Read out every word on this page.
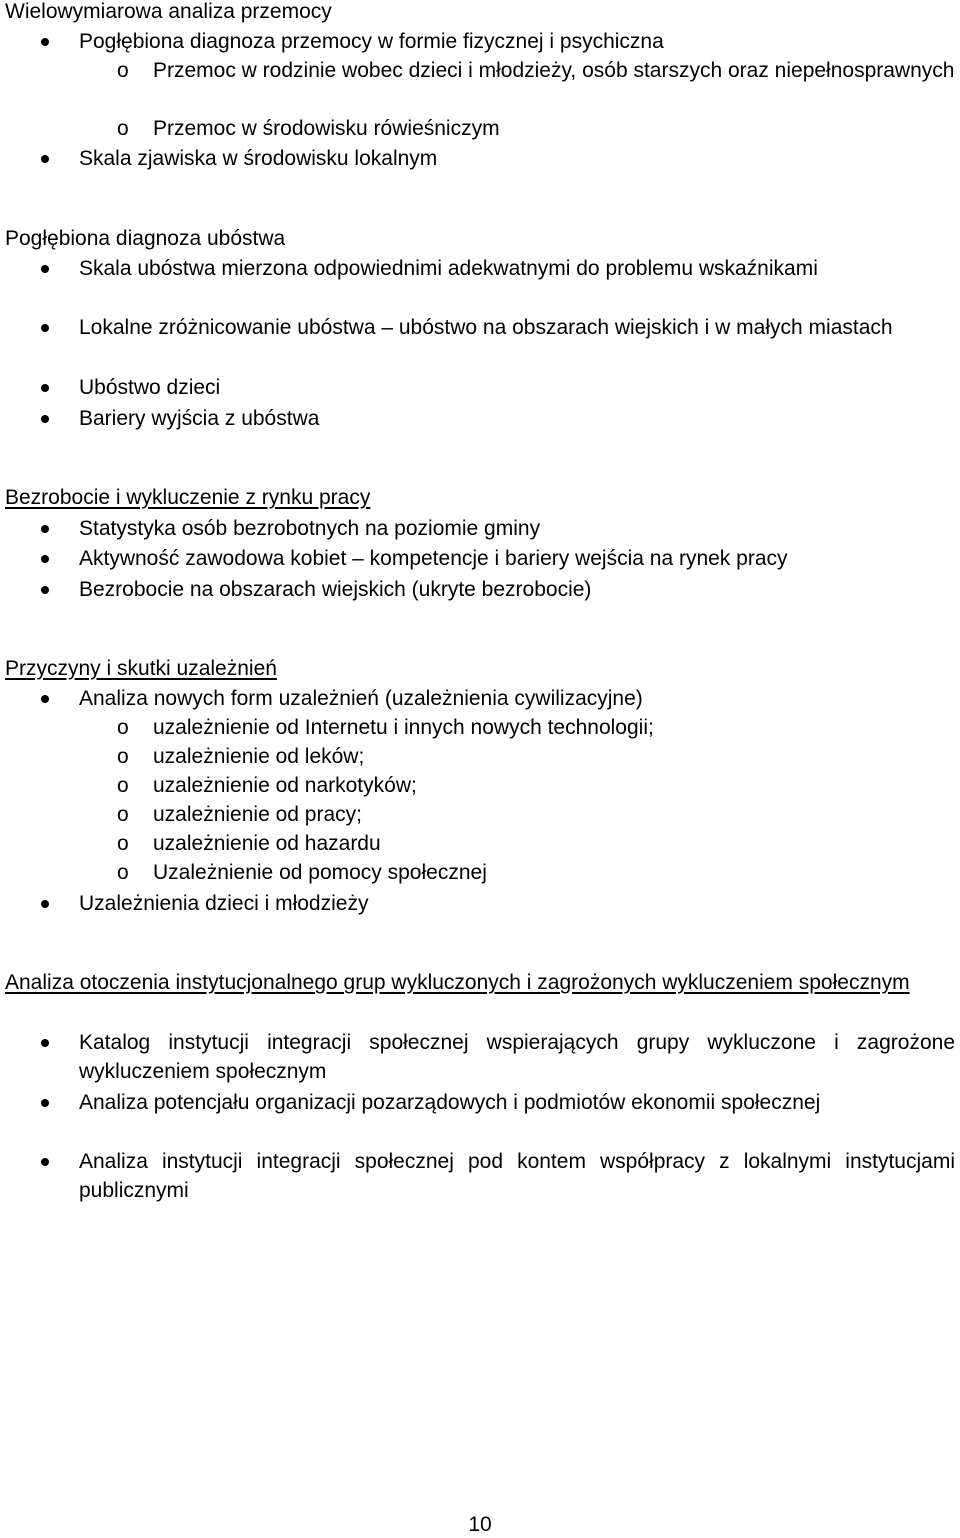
Wielowymiarowa analiza przemocy
Pogłębiona diagnoza przemocy w formie fizycznej i psychiczna
o Przemoc w rodzinie wobec dzieci i młodzieży, osób starszych oraz niepełnosprawnych
o Przemoc w środowisku rówieśniczym
Skala zjawiska w środowisku lokalnym
Pogłębiona diagnoza ubóstwa
Skala ubóstwa mierzona odpowiednimi adekwatnymi do problemu wskaźnikami
Lokalne zróżnicowanie ubóstwa – ubóstwo na obszarach wiejskich i w małych miastach
Ubóstwo dzieci
Bariery wyjścia z ubóstwa
Bezrobocie i wykluczenie z rynku pracy
Statystyka osób bezrobotnych na poziomie gminy
Aktywność zawodowa kobiet – kompetencje i bariery wejścia na rynek pracy
Bezrobocie na obszarach wiejskich (ukryte bezrobocie)
Przyczyny i skutki uzależnień
Analiza nowych form uzależnień (uzależnienia cywilizacyjne)
o uzależnienie od Internetu i innych nowych technologii;
o uzależnienie od leków;
o uzależnienie od narkotyków;
o uzależnienie od pracy;
o uzależnienie od hazardu
o Uzależnienie od pomocy społecznej
Uzależnienia dzieci i młodzieży
Analiza otoczenia instytucjonalnego grup wykluczonych i zagrożonych wykluczeniem społecznym
Katalog instytucji integracji społecznej wspierających grupy wykluczone i zagrożone wykluczeniem społecznym
Analiza potencjału organizacji pozarządowych i podmiotów ekonomii społecznej
Analiza instytucji integracji społecznej pod kontem współpracy z lokalnymi instytucjami publicznymi
10
